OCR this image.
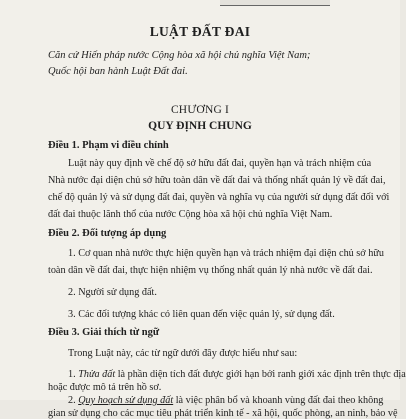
LUẬT ĐẤT ĐAI
Căn cứ Hiến pháp nước Cộng hòa xã hội chủ nghĩa Việt Nam;
Quốc hội ban hành Luật Đất đai.
CHƯƠNG I
QUY ĐỊNH CHUNG
Điều 1. Phạm vi điều chỉnh
Luật này quy định về chế độ sở hữu đất đai, quyền hạn và trách nhiệm của
Nhà nước đại diện chủ sở hữu toàn dân về đất đai và thống nhất quản lý về đất đai,
chế độ quản lý và sử dụng đất đai, quyền và nghĩa vụ của người sử dụng đất đối với
đất đai thuộc lãnh thổ của nước Cộng hòa xã hội chủ nghĩa Việt Nam.
Điều 2. Đối tượng áp dụng
1. Cơ quan nhà nước thực hiện quyền hạn và trách nhiệm đại diện chủ sở hữu
toàn dân về đất đai, thực hiện nhiệm vụ thống nhất quản lý nhà nước về đất đai.
2. Người sử dụng đất.
3. Các đối tượng khác có liên quan đến việc quản lý, sử dụng đất.
Điều 3. Giải thích từ ngữ
Trong Luật này, các từ ngữ dưới đây được hiểu như sau:
1. Thửa đất là phần diện tích đất được giới hạn bởi ranh giới xác định trên thực địa
hoặc được mô tả trên hồ sơ.
2. Quy hoạch sử dụng đất là việc phân bổ và khoanh vùng đất đai theo không
gian sử dụng cho các mục tiêu phát triển kinh tế - xã hội, quốc phòng, an ninh, bảo vệ
